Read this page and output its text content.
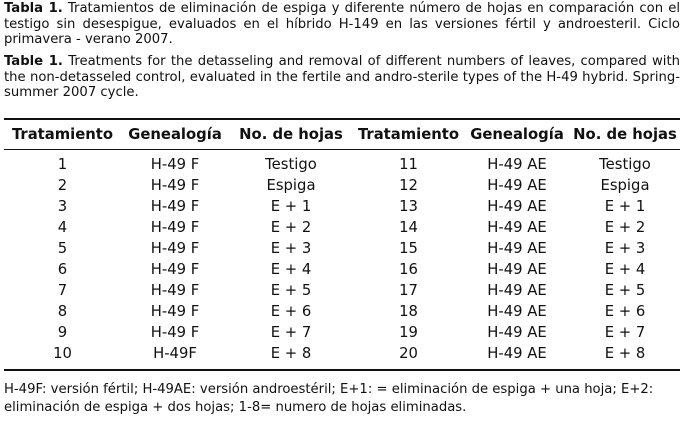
Tabla 1. Tratamientos de eliminación de espiga y diferente número de hojas en comparación con el testigo sin desespigue, evaluados en el híbrido H-149 en las versiones fértil y androesteril. Ciclo primavera - verano 2007.

Table 1. Treatments for the detasseling and removal of different numbers of leaves, compared with the non-detasseled control, evaluated in the fertile and andro-sterile types of the H-49 hybrid. Spring-summer 2007 cycle.

Tratamiento	Genealogía	No. de hojas	Tratamiento	Genealogía	No. de hojas
1	H-49 F	Testigo	11	H-49 AE	Testigo
2	H-49 F	Espiga	12	H-49 AE	Espiga
3	H-49 F	E + 1	13	H-49 AE	E + 1
4	H-49 F	E + 2	14	H-49 AE	E + 2
5	H-49 F	E + 3	15	H-49 AE	E + 3
6	H-49 F	E + 4	16	H-49 AE	E + 4
7	H-49 F	E + 5	17	H-49 AE	E + 5
8	H-49 F	E + 6	18	H-49 AE	E + 6
9	H-49 F	E + 7	19	H-49 AE	E + 7
10	H-49F	E + 8	20	H-49 AE	E + 8

H-49F: versión fértil; H-49AE: versión androestéril; E+1: = eliminación de espiga + una hoja; E+2: eliminación de espiga + dos hojas; 1-8= numero de hojas eliminadas.
